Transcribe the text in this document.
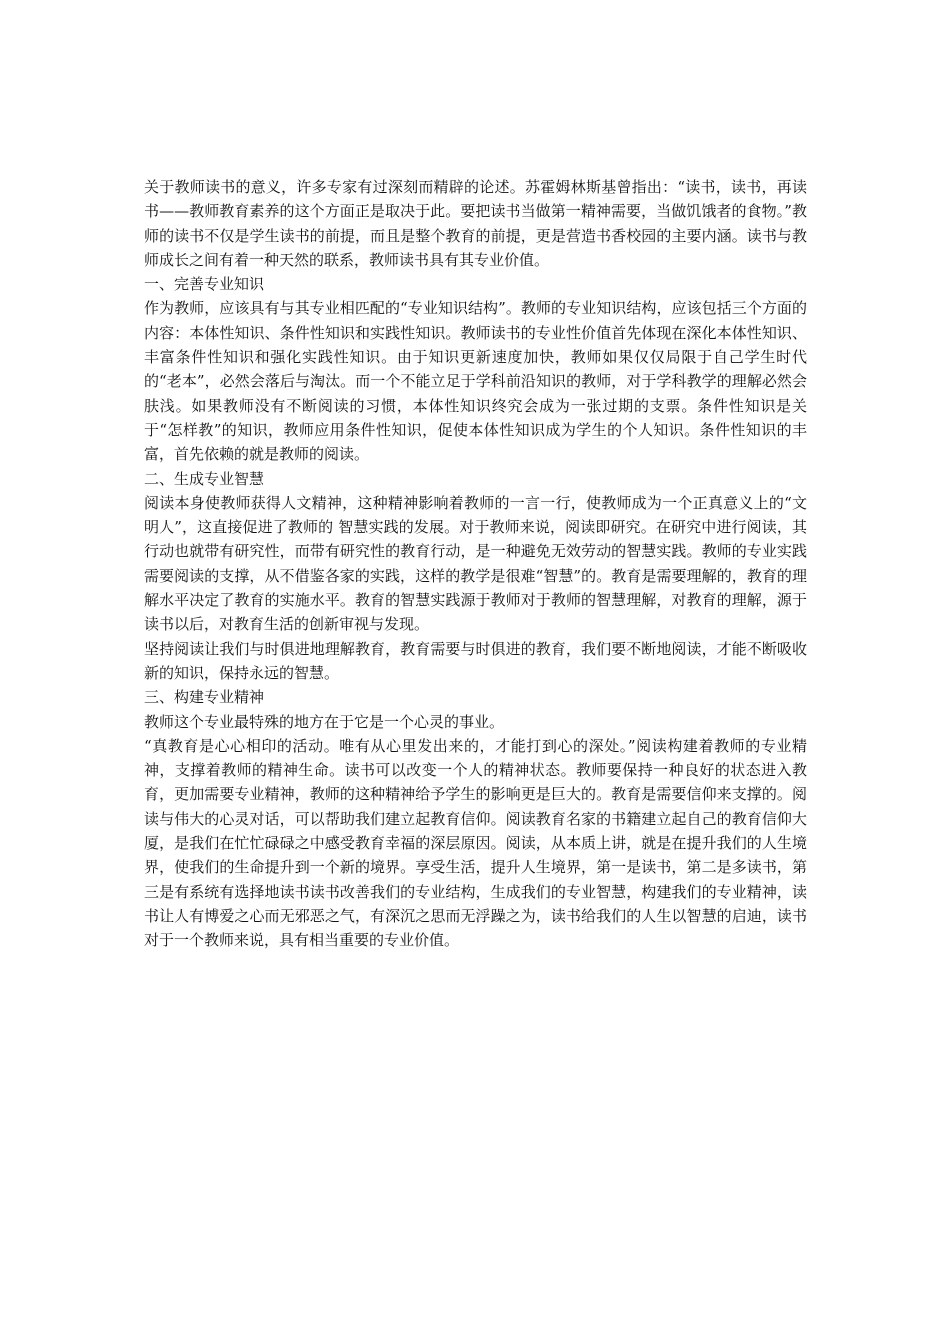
关于教师读书的意义，许多专家有过深刻而精辟的论述。苏霍姆林斯基曾指出：“读书，读书，再读书——教师教育素养的这个方面正是取决于此。要把读书当做第一精神需要，当做饥饿者的食物。”教师的读书不仅是学生读书的前提，而且是整个教育的前提，更是营造书香校园的主要内涵。读书与教师成长之间有着一种天然的联系，教师读书具有其专业价值。

一、完善专业知识

作为教师，应该具有与其专业相匹配的“专业知识结构”。教师的专业知识结构，应该包括三个方面的内容：本体性知识、条件性知识和实践性知识。教师读书的专业性价值首先体现在深化本体性知识、丰富条件性知识和强化实践性知识。由于知识更新速度加快，教师如果仅仅局限于自己学生时代的“老本”，必然会落后与淘汰。而一个不能立足于学科前沿知识的教师，对于学科教学的理解必然会肤浅。如果教师没有不断阅读的习惯，本体性知识终究会成为一张过期的支票。条件性知识是关于“怎样教”的知识，教师应用条件性知识，促使本体性知识成为学生的个人知识。条件性知识的丰富，首先依赖的就是教师的阅读。

二、生成专业智慧

阅读本身使教师获得人文精神，这种精神影响着教师的一言一行，使教师成为一个正真意义上的“文明人”，这直接促进了教师的 智慧实践的发展。对于教师来说，阅读即研究。在研究中进行阅读，其行动也就带有研究性，而带有研究性的教育行动，是一种避免无效劳动的智慧实践。教师的专业实践需要阅读的支撑，从不借鉴各家的实践，这样的教学是很难“智慧”的。教育是需要理解的，教育的理解水平决定了教育的实施水平。教育的智慧实践源于教师对于教师的智慧理解，对教育的理解，源于读书以后，对教育生活的创新审视与发现。

坚持阅读让我们与时俱进地理解教育，教育需要与时俱进的教育，我们要不断地阅读，才能不断吸收新的知识，保持永远的智慧。

三、构建专业精神

教师这个专业最特殊的地方在于它是一个心灵的事业。

“真教育是心心相印的活动。唯有从心里发出来的，才能打到心的深处。”阅读构建着教师的专业精神，支撑着教师的精神生命。读书可以改变一个人的精神状态。教师要保持一种良好的状态进入教育，更加需要专业精神，教师的这种精神给予学生的影响更是巨大的。教育是需要信仰来支撑的。阅读与伟大的心灵对话，可以帮助我们建立起教育信仰。阅读教育名家的书籍建立起自己的教育信仰大厦，是我们在忙忙碌碌之中感受教育幸福的深层原因。阅读，从本质上讲，就是在提升我们的人生境界，使我们的生命提升到一个新的境界。享受生活，提升人生境界，第一是读书，第二是多读书，第三是有系统有选择地读书读书改善我们的专业结构，生成我们的专业智慧，构建我们的专业精神，读书让人有博爱之心而无邪恶之气，有深沉之思而无浮躁之为，读书给我们的人生以智慧的启迪，读书对于一个教师来说，具有相当重要的专业价值。
